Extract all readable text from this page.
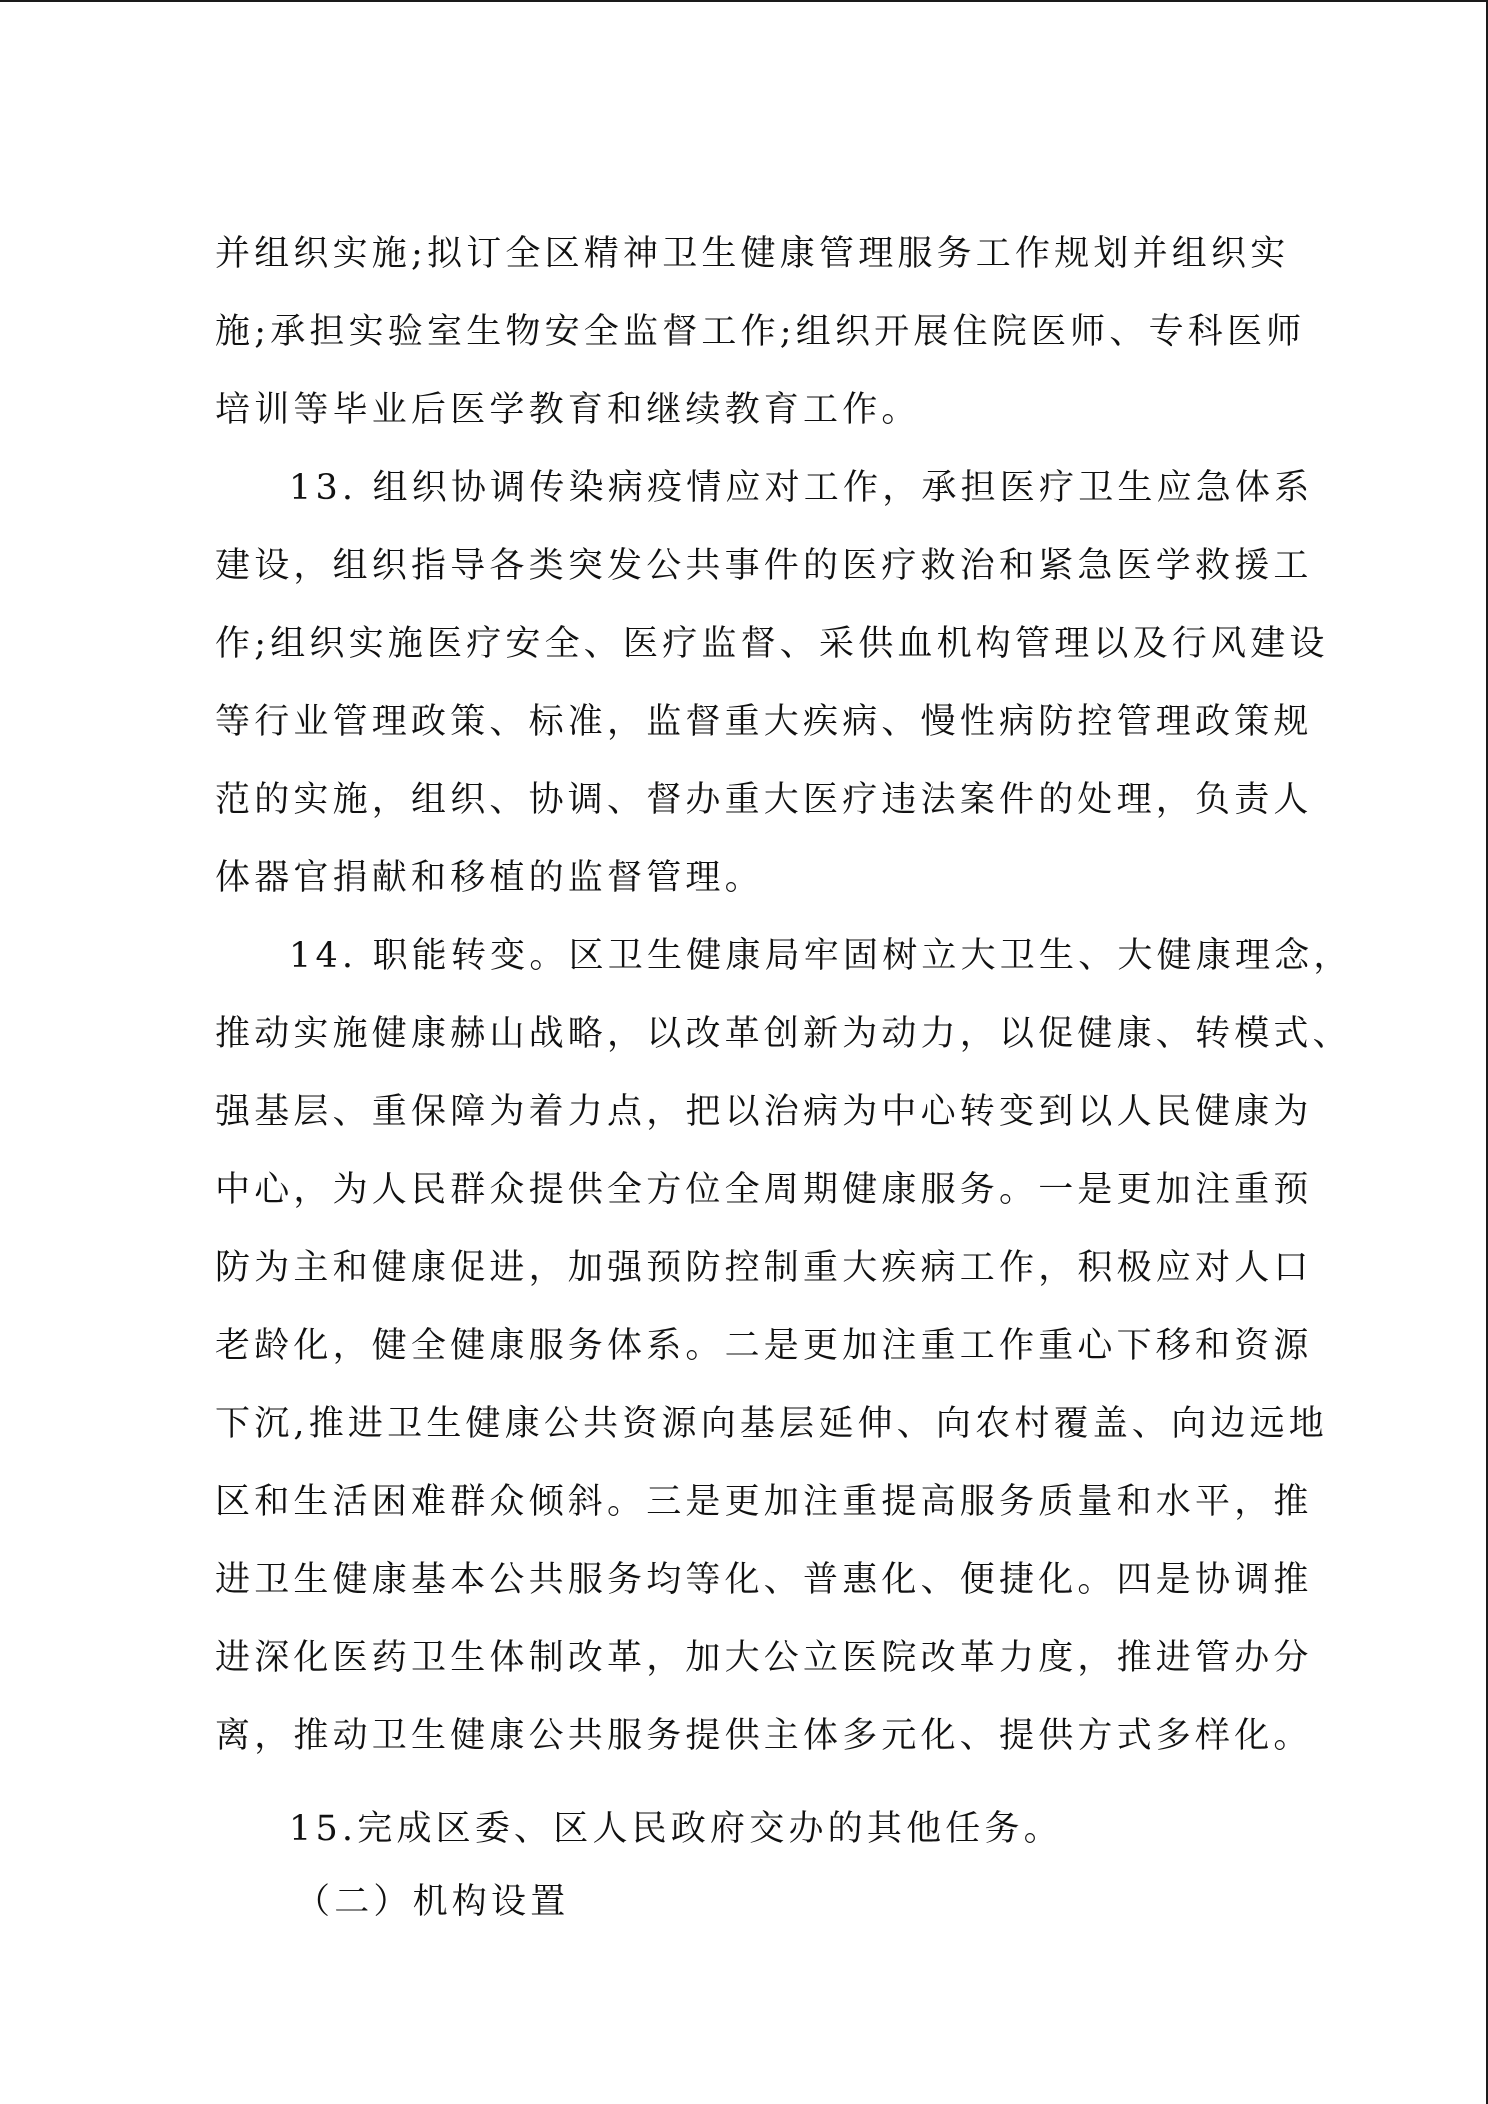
并组织实施;拟订全区精神卫生健康管理服务工作规划并组织实
施;承担实验室生物安全监督工作;组织开展住院医师、专科医师
培训等毕业后医学教育和继续教育工作。
13. 组织协调传染病疫情应对工作，承担医疗卫生应急体系
建设，组织指导各类突发公共事件的医疗救治和紧急医学救援工
作;组织实施医疗安全、医疗监督、采供血机构管理以及行风建设
等行业管理政策、标准，监督重大疾病、慢性病防控管理政策规
范的实施，组织、协调、督办重大医疗违法案件的处理，负责人
体器官捐献和移植的监督管理。
14. 职能转变。区卫生健康局牢固树立大卫生、大健康理念，
推动实施健康赫山战略，以改革创新为动力，以促健康、转模式、
强基层、重保障为着力点，把以治病为中心转变到以人民健康为
中心，为人民群众提供全方位全周期健康服务。一是更加注重预
防为主和健康促进，加强预防控制重大疾病工作，积极应对人口
老龄化，健全健康服务体系。二是更加注重工作重心下移和资源
下沉,推进卫生健康公共资源向基层延伸、向农村覆盖、向边远地
区和生活困难群众倾斜。三是更加注重提高服务质量和水平，推
进卫生健康基本公共服务均等化、普惠化、便捷化。四是协调推
进深化医药卫生体制改革，加大公立医院改革力度，推进管办分
离，推动卫生健康公共服务提供主体多元化、提供方式多样化。
15.完成区委、区人民政府交办的其他任务。
（二）机构设置
